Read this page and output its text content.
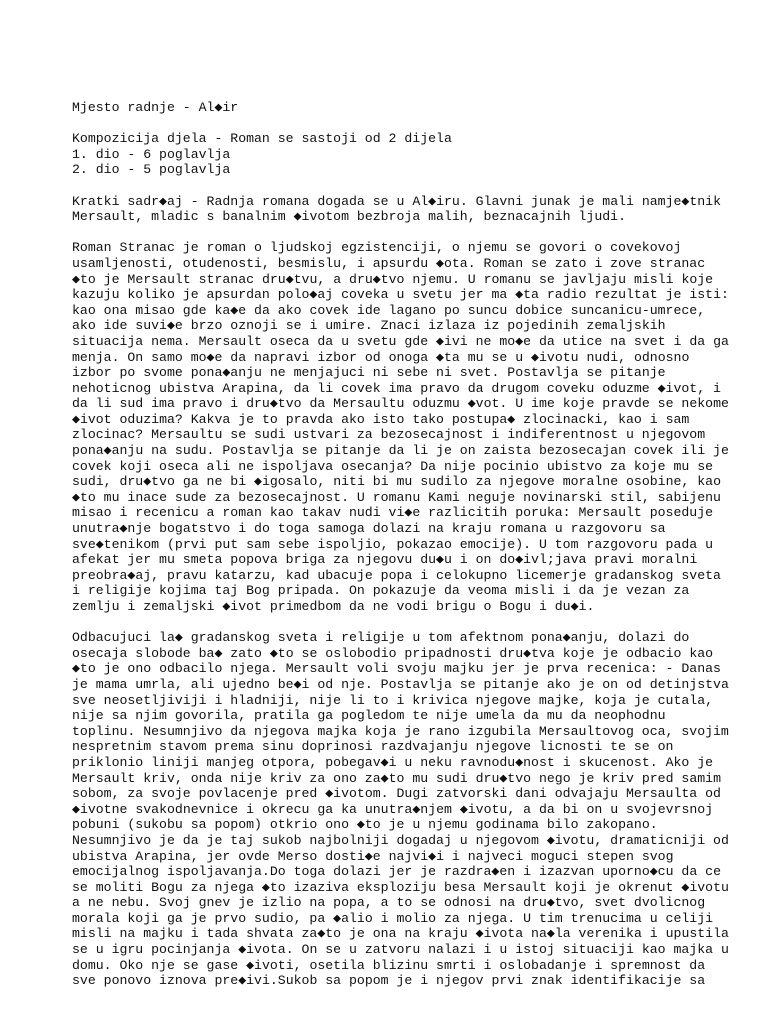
Mjesto radnje - Al◆ir
Kompozicija djela - Roman se sastoji od 2 dijela
1. dio - 6 poglavlja
2. dio - 5 poglavlja
Kratki sadr◆aj - Radnja romana dogada se u Al◆iru. Glavni junak je mali namje◆tnik
Mersault, mladic s banalnim ◆ivotom bezbroja malih, beznacajnih ljudi.
Roman Stranac je roman o ljudskoj egzistenciji, o njemu se govori o covekovoj
usamljenosti, otudenosti, besmislu, i apsurdu ◆ota. Roman se zato i zove stranac
◆to je Mersault stranac dru◆tvu, a dru◆tvo njemu. U romanu se javljaju misli koje
kazuju koliko je apsurdan polo◆aj coveka u svetu jer ma ◆ta radio rezultat je isti:
kao ona misao gde ka◆e da ako covek ide lagano po suncu dobice suncanicu-umrece,
ako ide suvi◆e brzo oznoji se i umire. Znaci izlaza iz pojedinih zemaljskih
situacija nema. Mersault oseca da u svetu gde ◆ivi ne mo◆e da utice na svet i da ga
menja. On samo mo◆e da napravi izbor od onoga ◆ta mu se u ◆ivotu nudi, odnosno
izbor po svome pona◆anju ne menjajuci ni sebe ni svet. Postavlja se pitanje
nehoticnog ubistva Arapina, da li covek ima pravo da drugom coveku oduzme ◆ivot, i
da li sud ima pravo i dru◆tvo da Mersaultu oduzmu ◆vot. U ime koje pravde se nekome
◆ivot oduzima? Kakva je to pravda ako isto tako postupa◆ zlocinacki, kao i sam
zlocinac? Mersaultu se sudi ustvari za bezosecajnost i indiferentnost u njegovom
pona◆anju na sudu. Postavlja se pitanje da li je on zaista bezosecajan covek ili je
covek koji oseca ali ne ispoljava osecanja? Da nije pocinio ubistvo za koje mu se
sudi, dru◆tvo ga ne bi ◆igosalo, niti bi mu sudilo za njegove moralne osobine, kao
◆to mu inace sude za bezosecajnost. U romanu Kami neguje novinarski stil, sabijenu
misao i recenicu a roman kao takav nudi vi◆e razlicitih poruka: Mersault poseduje
unutra◆nje bogatstvo i do toga samoga dolazi na kraju romana u razgovoru sa
sve◆tenikom (prvi put sam sebe ispoljio, pokazao emocije). U tom razgovoru pada u
afekat jer mu smeta popova briga za njegovu du◆u i on do◆ivl;java pravi moralni
preobra◆aj, pravu katarzu, kad ubacuje popa i celokupno licemerje gradanskog sveta
i religije kojima taj Bog pripada. On pokazuje da veoma misli i da je vezan za
zemlju i zemaljski ◆ivot primedbom da ne vodi brigu o Bogu i du◆i.
Odbacujuci la◆ gradanskog sveta i religije u tom afektnom pona◆anju, dolazi do
osecaja slobode ba◆ zato ◆to se oslobodio pripadnosti dru◆tva koje je odbacio kao
◆to je ono odbacilo njega. Mersault voli svoju majku jer je prva recenica: - Danas
je mama umrla, ali ujedno be◆i od nje. Postavlja se pitanje ako je on od detinjstva
sve neosetljiviji i hladniji, nije li to i krivica njegove majke, koja je cutala,
nije sa njim govorila, pratila ga pogledom te nije umela da mu da neophodnu
toplinu. Nesumnjivo da njegova majka koja je rano izgubila Mersaultovog oca, svojim
nespretnim stavom prema sinu doprinosi razdvajanju njegove licnosti te se on
priklonio liniji manjeg otpora, pobegav◆i u neku ravnodu◆nost i skucenost. Ako je
Mersault kriv, onda nije kriv za ono za◆to mu sudi dru◆tvo nego je kriv pred samim
sobom, za svoje povlacenje pred ◆ivotom. Dugi zatvorski dani odvajaju Mersaulta od
◆ivotne svakodnevnice i okrecu ga ka unutra◆njem ◆ivotu, a da bi on u svojevrsnoj
pobuni (sukobu sa popom) otkrio ono ◆to je u njemu godinama bilo zakopano.
Nesumnjivo je da je taj sukob najbolniji dogadaj u njegovom ◆ivotu, dramaticniji od
ubistva Arapina, jer ovde Merso dosti◆e najvi◆i i najveci moguci stepen svog
emocijalnog ispoljavanja.Do toga dolazi jer je razdra◆en i izazvan uporno◆cu da ce
se moliti Bogu za njega ◆to izaziva eksploziju besa Mersault koji je okrenut ◆ivotu
a ne nebu. Svoj gnev je izlio na popa, a to se odnosi na dru◆tvo, svet dvolicnog
morala koji ga je prvo sudio, pa ◆alio i molio za njega. U tim trenucima u celiji
misli na majku i tada shvata za◆to je ona na kraju ◆ivota na◆la verenika i upustila
se u igru pocinjanja ◆ivota. On se u zatvoru nalazi i u istoj situaciji kao majka u
domu. Oko nje se gase ◆ivoti, osetila blizinu smrti i oslobadanje i spremnost da
sve ponovo iznova pre◆ivi.Sukob sa popom je i njegov prvi znak identifikacije sa
